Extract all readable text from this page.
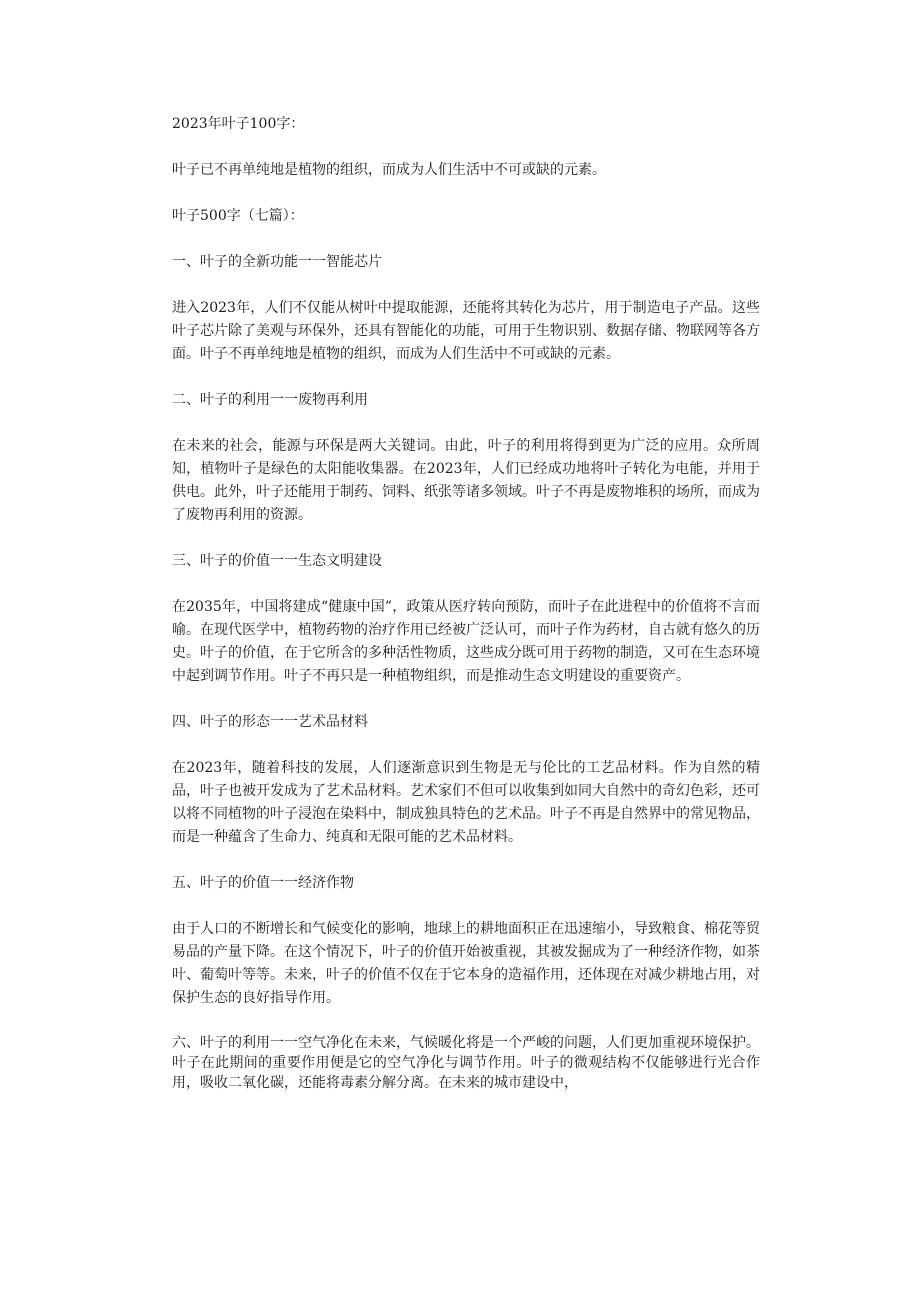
2023年叶子100字：

叶子已不再单纯地是植物的组织，而成为人们生活中不可或缺的元素。

叶子500字（七篇）：

一、叶子的全新功能一一智能芯片

进入2023年，人们不仅能从树叶中提取能源，还能将其转化为芯片，用于制造电子产品。这些叶子芯片除了美观与环保外，还具有智能化的功能，可用于生物识别、数据存储、物联网等各方面。叶子不再单纯地是植物的组织，而成为人们生活中不可或缺的元素。

二、叶子的利用一一废物再利用

在未来的社会，能源与环保是两大关键词。由此，叶子的利用将得到更为广泛的应用。众所周知，植物叶子是绿色的太阳能收集器。在2023年，人们已经成功地将叶子转化为电能，并用于供电。此外，叶子还能用于制药、饲料、纸张等诸多领域。叶子不再是废物堆积的场所，而成为了废物再利用的资源。

三、叶子的价值一一生态文明建设

在2035年，中国将建成“健康中国”，政策从医疗转向预防，而叶子在此进程中的价值将不言而喻。在现代医学中，植物药物的治疗作用已经被广泛认可，而叶子作为药材，自古就有悠久的历史。叶子的价值，在于它所含的多种活性物质，这些成分既可用于药物的制造，又可在生态环境中起到调节作用。叶子不再只是一种植物组织，而是推动生态文明建设的重要资产。

四、叶子的形态一一艺术品材料

在2023年，随着科技的发展，人们逐渐意识到生物是无与伦比的工艺品材料。作为自然的精品，叶子也被开发成为了艺术品材料。艺术家们不但可以收集到如同大自然中的奇幻色彩，还可以将不同植物的叶子浸泡在染料中，制成独具特色的艺术品。叶子不再是自然界中的常见物品，而是一种蕴含了生命力、纯真和无限可能的艺术品材料。

五、叶子的价值一一经济作物

由于人口的不断增长和气候变化的影响，地球上的耕地面积正在迅速缩小，导致粮食、棉花等贸易品的产量下降。在这个情况下，叶子的价值开始被重视，其被发掘成为了一种经济作物，如茶叶、葡萄叶等等。未来，叶子的价值不仅在于它本身的造福作用，还体现在对减少耕地占用，对保护生态的良好指导作用。

六、叶子的利用一一空气净化在未来，气候暖化将是一个严峻的问题，人们更加重视环境保护。叶子在此期间的重要作用便是它的空气净化与调节作用。叶子的微观结构不仅能够进行光合作用，吸收二氧化碳，还能将毒素分解分离。在未来的城市建设中，
